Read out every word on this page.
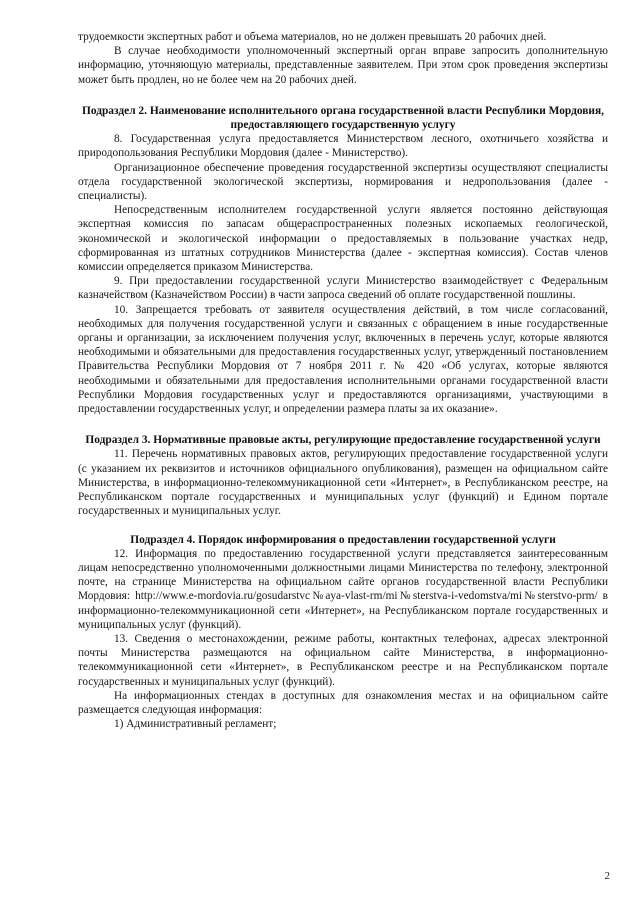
трудоемкости экспертных работ и объема материалов, но не должен превышать 20 рабочих дней.

В случае необходимости уполномоченный экспертный орган вправе запросить дополнительную информацию, уточняющую материалы, представленные заявителем. При этом срок проведения экспертизы может быть продлен, но не более чем на 20 рабочих дней.

Подраздел 2. Наименование исполнительного органа государственной власти Республики Мордовия, предоставляющего государственную услугу

8. Государственная услуга предоставляется Министерством лесного, охотничьего хозяйства и природопользования Республики Мордовия (далее - Министерство).

Организационное обеспечение проведения государственной экспертизы осуществляют специалисты отдела государственной экологической экспертизы, нормирования и недропользования (далее - специалисты).

Непосредственным исполнителем государственной услуги является постоянно действующая экспертная комиссия по запасам общераспространенных полезных ископаемых геологической, экономической и экологической информации о предоставляемых в пользование участках недр, сформированная из штатных сотрудников Министерства (далее - экспертная комиссия). Состав членов комиссии определяется приказом Министерства.

9. При предоставлении государственной услуги Министерство взаимодействует с Федеральным казначейством (Казначейством России) в части запроса сведений об оплате государственной пошлины.

10. Запрещается требовать от заявителя осуществления действий, в том числе согласований, необходимых для получения государственной услуги и связанных с обращением в иные государственные органы и организации, за исключением получения услуг, включенных в перечень услуг, которые являются необходимыми и обязательными для предоставления государственных услуг, утвержденный постановлением Правительства Республики Мордовия от 7 ноября 2011 г. № 420 «Об услугах, которые являются необходимыми и обязательными для предоставления исполнительными органами государственной власти Республики Мордовия государственных услуг и предоставляются организациями, участвующими в предоставлении государственных услуг, и определении размера платы за их оказание».

Подраздел 3. Нормативные правовые акты, регулирующие предоставление государственной услуги

11. Перечень нормативных правовых актов, регулирующих предоставление государственной услуги (с указанием их реквизитов и источников официального опубликования), размещен на официальном сайте Министерства, в информационно-телекоммуникационной сети «Интернет», в Республиканском реестре, на Республиканском портале государственных и муниципальных услуг (функций) и Едином портале государственных и муниципальных услуг.

Подраздел 4. Порядок информирования о предоставлении государственной услуги

12. Информация по предоставлению государственной услуги представляется заинтересованным лицам непосредственно уполномоченными должностными лицами Министерства по телефону, электронной почте, на странице Министерства на официальном сайте органов государственной власти Республики Мордовия: http://www.e-mordovia.ru/gosudarstvc№aya-vlast-rm/mi№sterstva-i-vedomstva/mi№sterstvo-prm/ в информационно-телекоммуникационной сети «Интернет», на Республиканском портале государственных и муниципальных услуг (функций).

13. Сведения о местонахождении, режиме работы, контактных телефонах, адресах электронной почты Министерства размещаются на официальном сайте Министерства, в информационно-телекоммуникационной сети «Интернет», в Республиканском реестре и на Республиканском портале государственных и муниципальных услуг (функций).

На информационных стендах в доступных для ознакомления местах и на официальном сайте размещается следующая информация:

1) Административный регламент;

2
